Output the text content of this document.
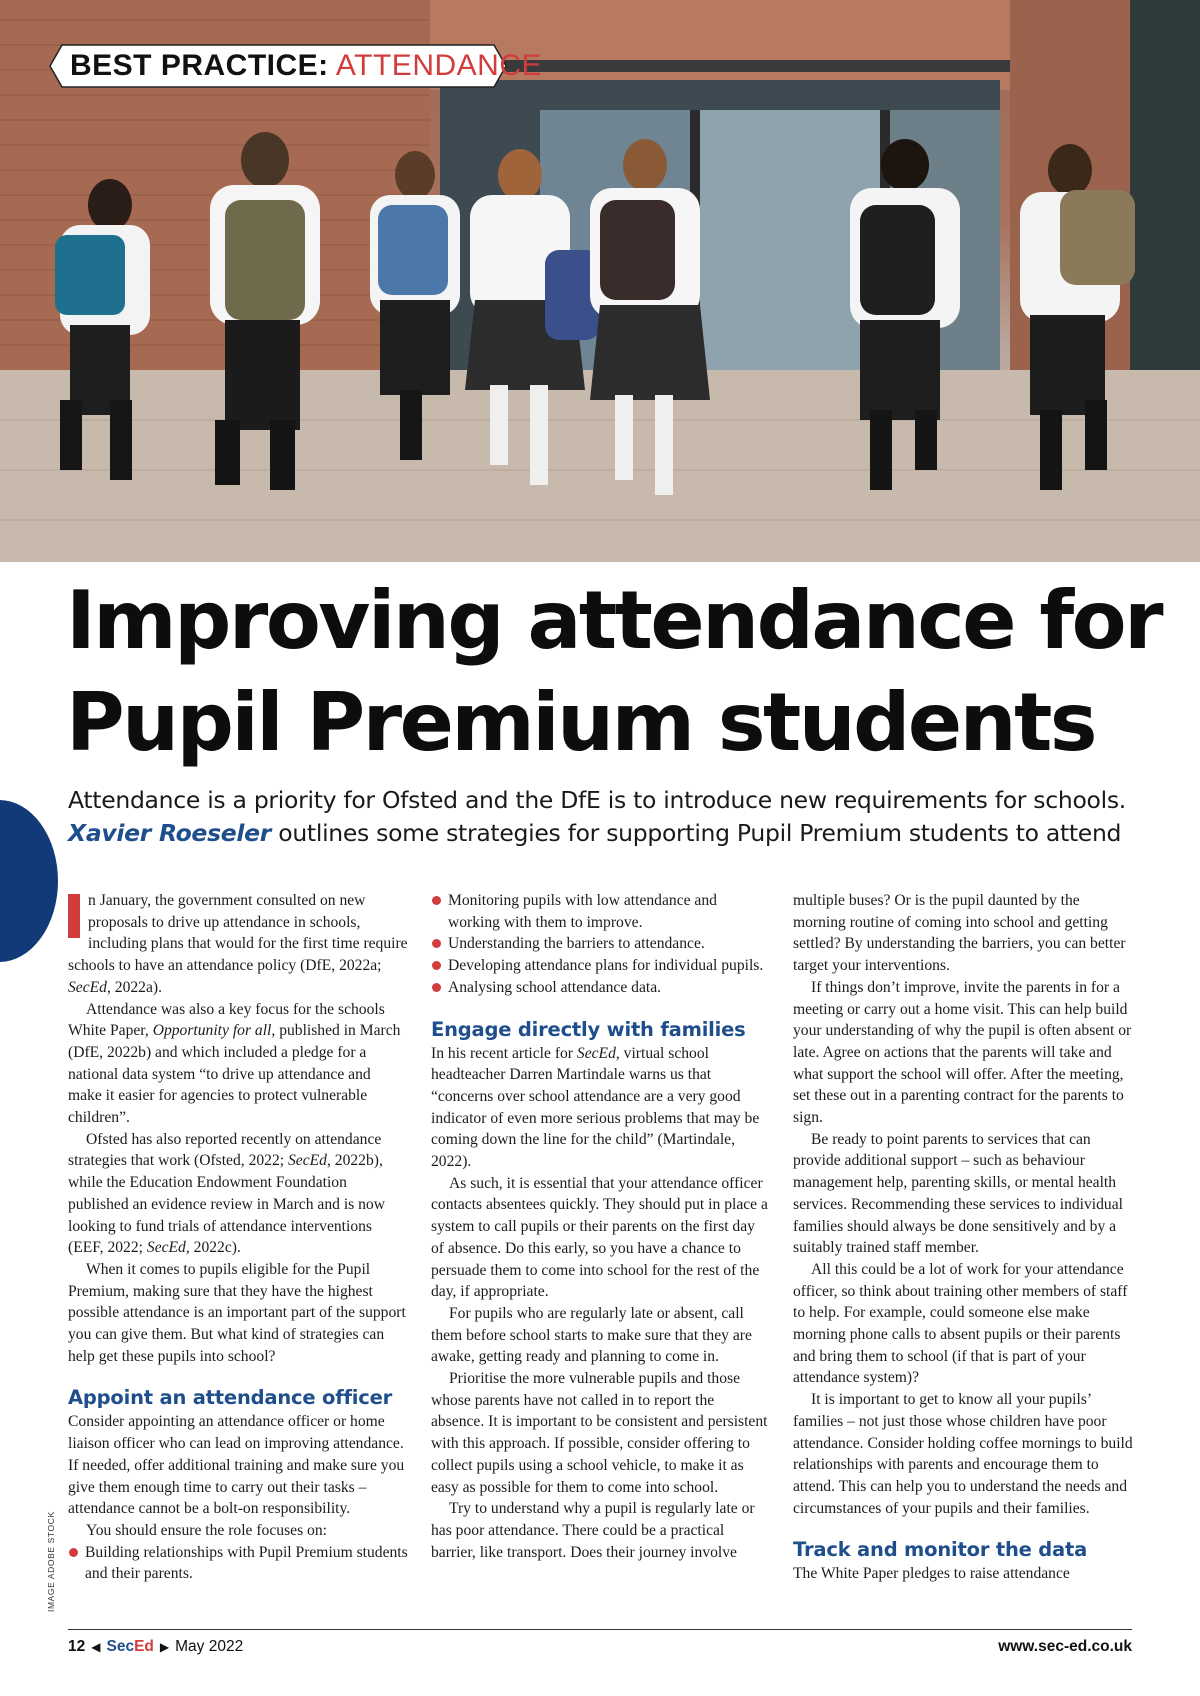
BEST PRACTICE: ATTENDANCE
Improving attendance for
Pupil Premium students

Attendance is a priority for Ofsted and the DfE is to introduce new requirements for schools.
Xavier Roeseler outlines some strategies for supporting Pupil Premium students to attend

I	n January, the government consulted on new proposals to drive up attendance in schools, including plans that would for the first time require schools to have an attendance policy (DfE, 2022a; SecEd, 2022a).

Attendance was also a key focus for the schools White Paper, Opportunity for all, published in March (DfE, 2022b) and which included a pledge for a national data system “to drive up attendance and make it easier for agencies to protect vulnerable children”.

Ofsted has also reported recently on attendance strategies that work (Ofsted, 2022; SecEd, 2022b), while the Education Endowment Foundation published an evidence review in March and is now looking to fund trials of attendance interventions (EEF, 2022; SecEd, 2022c).

When it comes to pupils eligible for the Pupil Premium, making sure that they have the highest possible attendance is an important part of the support you can give them. But what kind of strategies can help get these pupils into school?

Appoint an attendance officer

Consider appointing an attendance officer or home liaison officer who can lead on improving attendance. If needed, offer additional training and make sure you give them enough time to carry out their tasks – attendance cannot be a bolt-on responsibility.

You should ensure the role focuses on:

Building relationships with Pupil Premium students and their parents.
Monitoring pupils with low attendance and working with them to improve.
Understanding the barriers to attendance.
Developing attendance plans for individual pupils.
Analysing school attendance data.
Engage directly with families

In his recent article for SecEd, virtual school headteacher Darren Martindale warns us that “concerns over school attendance are a very good indicator of even more serious problems that may be coming down the line for the child” (Martindale, 2022).

As such, it is essential that your attendance officer contacts absentees quickly. They should put in place a system to call pupils or their parents on the first day of absence. Do this early, so you have a chance to persuade them to come into school for the rest of the day, if appropriate.

For pupils who are regularly late or absent, call them before school starts to make sure that they are awake, getting ready and planning to come in.

Prioritise the more vulnerable pupils and those whose parents have not called in to report the absence. It is important to be consistent and persistent with this approach. If possible, consider offering to collect pupils using a school vehicle, to make it as easy as possible for them to come into school.

Try to understand why a pupil is regularly late or has poor attendance. There could be a practical barrier, like transport. Does their journey involve

multiple buses? Or is the pupil daunted by the morning routine of coming into school and getting settled? By understanding the barriers, you can better target your interventions.

If things don’t improve, invite the parents in for a meeting or carry out a home visit. This can help build your understanding of why the pupil is often absent or late. Agree on actions that the parents will take and what support the school will offer. After the meeting, set these out in a parenting contract for the parents to sign.

Be ready to point parents to services that can provide additional support – such as behaviour management help, parenting skills, or mental health services. Recommending these services to individual families should always be done sensitively and by a suitably trained staff member.

All this could be a lot of work for your attendance officer, so think about training other members of staff to help. For example, could someone else make morning phone calls to absent pupils or their parents and bring them to school (if that is part of your attendance system)?

It is important to get to know all your pupils’ families – not just those whose children have poor attendance. Consider holding coffee mornings to build relationships with parents and encourage them to attend. This can help you to understand the needs and circumstances of your pupils and their families.

Track and monitor the data

The White Paper pledges to raise attendance

IMAGE ADOBE STOCK
12 ◀ SecEd ▶ May 2022	www.sec-ed.co.uk
